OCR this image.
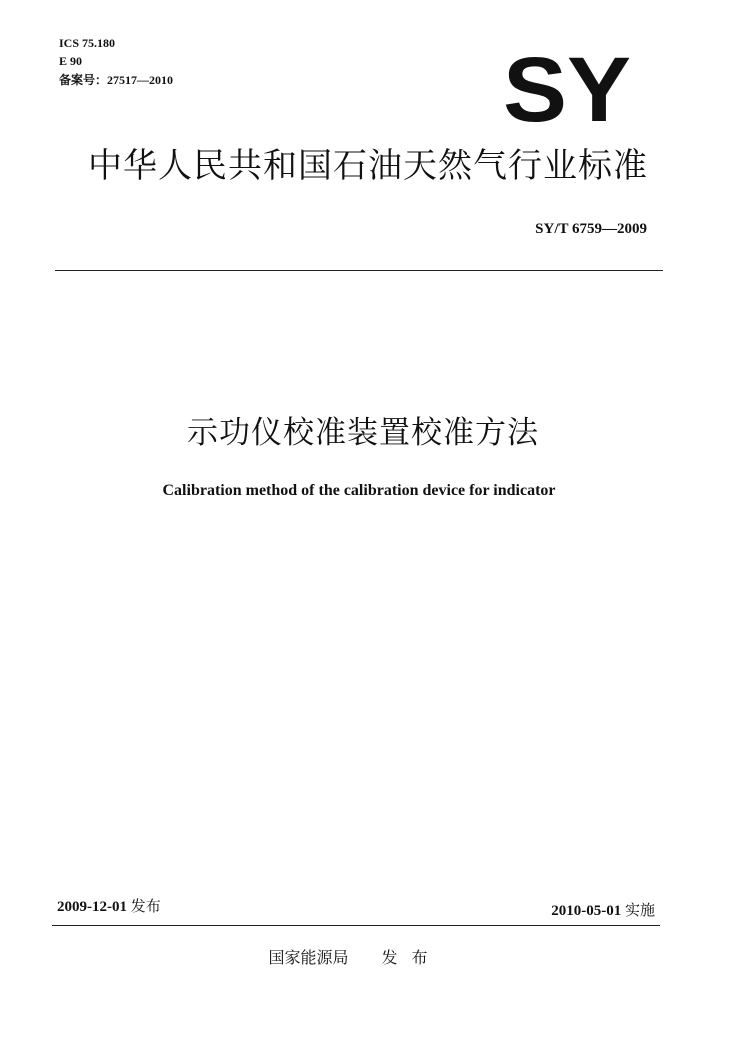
ICS 75.180
E 90
备案号：27517—2010	SY
中 华 人 民 共 和 国 石 油 天 然 气 行 业 标 准
SY/T 6759—2009
示功仪校准装置校准方法
Calibration method of the calibration device for indicator
2009-12-01 发布	2010-05-01 实施
国家能源局 发布
